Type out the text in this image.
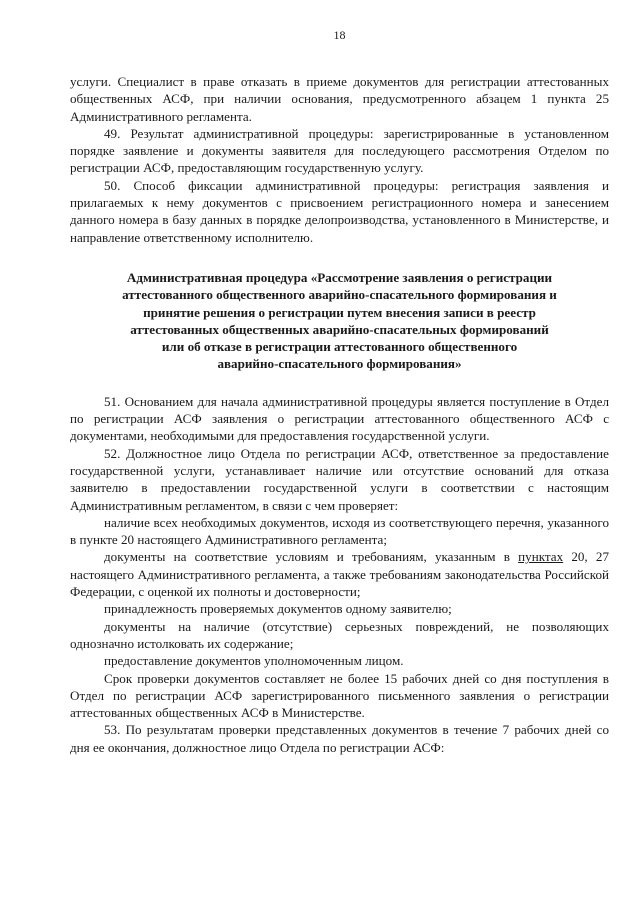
18

услуги. Специалист в праве отказать в приеме документов для регистрации аттестованных общественных АСФ, при наличии основания, предусмотренного абзацем 1 пункта 25 Административного регламента.

49. Результат административной процедуры: зарегистрированные в установленном порядке заявление и документы заявителя для последующего рассмотрения Отделом по регистрации АСФ, предоставляющим государственную услугу.

50. Способ фиксации административной процедуры: регистрация заявления и прилагаемых к нему документов с присвоением регистрационного номера и занесением данного номера в базу данных в порядке делопроизводства, установленного в Министерстве, и направление ответственному исполнителю.

Административная процедура «Рассмотрение заявления о регистрации
аттестованного общественного аварийно-спасательного формирования и
принятие решения о регистрации путем внесения записи в реестр
аттестованных общественных аварийно-спасательных формирований
или об отказе в регистрации аттестованного общественного
аварийно-спасательного формирования»

51. Основанием для начала административной процедуры является поступление в Отдел по регистрации АСФ заявления о регистрации аттестованного общественного АСФ с документами, необходимыми для предоставления государственной услуги.

52. Должностное лицо Отдела по регистрации АСФ, ответственное за предоставление государственной услуги, устанавливает наличие или отсутствие оснований для отказа заявителю в предоставлении государственной услуги в соответствии с настоящим Административным регламентом, в связи с чем проверяет:

наличие всех необходимых документов, исходя из соответствующего перечня, указанного в пункте 20 настоящего Административного регламента;

документы на соответствие условиям и требованиям, указанным в пунктах 20, 27 настоящего Административного регламента, а также требованиям законодательства Российской Федерации, с оценкой их полноты и достоверности;

принадлежность проверяемых документов одному заявителю;

документы на наличие (отсутствие) серьезных повреждений, не позволяющих однозначно истолковать их содержание;

предоставление документов уполномоченным лицом.

Срок проверки документов составляет не более 15 рабочих дней со дня поступления в Отдел по регистрации АСФ зарегистрированного письменного заявления о регистрации аттестованных общественных АСФ в Министерстве.

53. По результатам проверки представленных документов в течение 7 рабочих дней со дня ее окончания, должностное лицо Отдела по регистрации АСФ:
